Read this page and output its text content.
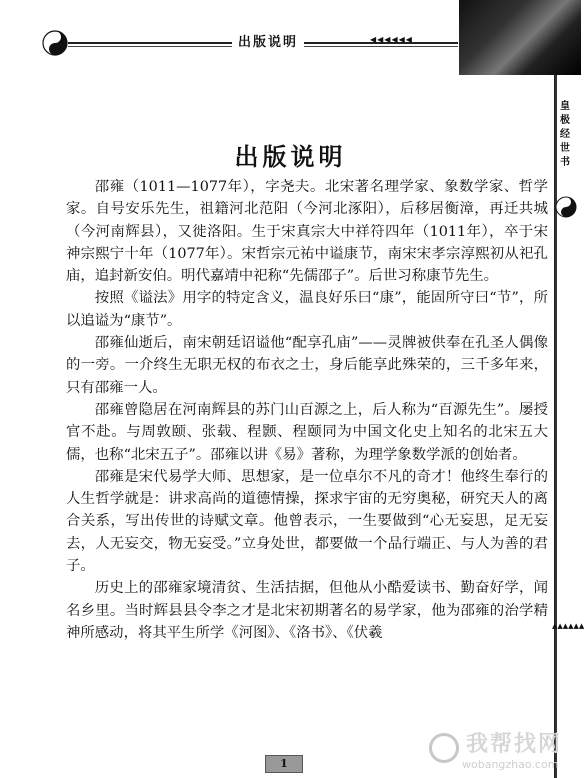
出版说明	◀◀◀◀◀◀
皇极经世书
▲▲▲▲▲▲
出版说明

邵雍（1011—1077年），字尧夫。北宋著名理学家、象数学家、哲学家。自号安乐先生，祖籍河北范阳（今河北涿阳），后移居衡漳，再迁共城（今河南辉县），又徙洛阳。生于宋真宗大中祥符四年（1011年），卒于宋神宗熙宁十年（1077年）。宋哲宗元祐中谥康节，南宋宋孝宗淳熙初从祀孔庙，追封新安伯。明代嘉靖中祀称“先儒邵子”。后世习称康节先生。

按照《谥法》用字的特定含义，温良好乐曰“康”，能固所守曰“节”，所以追谥为“康节”。

邵雍仙逝后，南宋朝廷诏谥他“配享孔庙”——灵牌被供奉在孔圣人偶像的一旁。一介终生无职无权的布衣之士，身后能享此殊荣的，三千多年来，只有邵雍一人。

邵雍曾隐居在河南辉县的苏门山百源之上，后人称为“百源先生”。屡授官不赴。与周敦颐、张载、程颢、程颐同为中国文化史上知名的北宋五大儒，也称“北宋五子”。邵雍以讲《易》著称，为理学象数学派的创始者。

邵雍是宋代易学大师、思想家，是一位卓尔不凡的奇才！他终生奉行的人生哲学就是：讲求高尚的道德情操，探求宇宙的无穷奥秘，研究天人的离合关系，写出传世的诗赋文章。他曾表示，一生要做到“心无妄思，足无妄去，人无妄交，物无妄受。”立身处世，都要做一个品行端正、与人为善的君子。

历史上的邵雍家境清贫、生活拮据，但他从小酷爱读书、勤奋好学，闻名乡里。当时辉县县令李之才是北宋初期著名的易学家，他为邵雍的治学精神所感动，将其平生所学《河图》、《洛书》、《伏羲

1
我帮找网
wobangzhao.com
